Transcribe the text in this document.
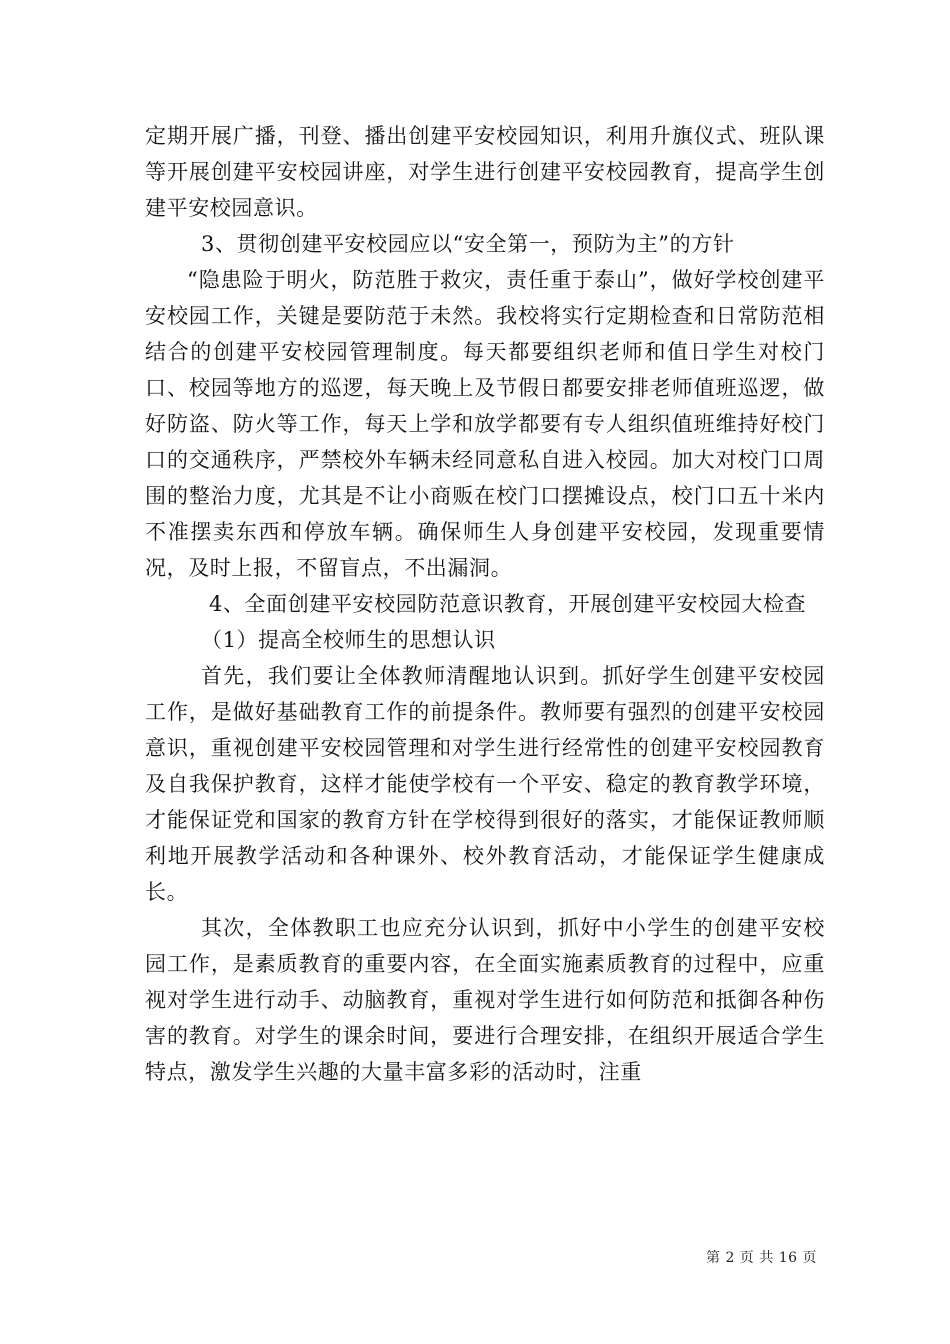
定期开展广播，刊登、播出创建平安校园知识，利用升旗仪式、班队课等开展创建平安校园讲座，对学生进行创建平安校园教育，提高学生创建平安校园意识。

3、贯彻创建平安校园应以“安全第一，预防为主”的方针

“隐患险于明火，防范胜于救灾，责任重于泰山”，做好学校创建平安校园工作，关键是要防范于未然。我校将实行定期检查和日常防范相结合的创建平安校园管理制度。每天都要组织老师和值日学生对校门口、校园等地方的巡逻，每天晚上及节假日都要安排老师值班巡逻，做好防盗、防火等工作，每天上学和放学都要有专人组织值班维持好校门口的交通秩序，严禁校外车辆未经同意私自进入校园。加大对校门口周围的整治力度，尤其是不让小商贩在校门口摆摊设点，校门口五十米内不准摆卖东西和停放车辆。确保师生人身创建平安校园，发现重要情况，及时上报，不留盲点，不出漏洞。

4、全面创建平安校园防范意识教育，开展创建平安校园大检查

（1）提高全校师生的思想认识

首先，我们要让全体教师清醒地认识到。抓好学生创建平安校园工作，是做好基础教育工作的前提条件。教师要有强烈的创建平安校园意识，重视创建平安校园管理和对学生进行经常性的创建平安校园教育及自我保护教育，这样才能使学校有一个平安、稳定的教育教学环境，才能保证党和国家的教育方针在学校得到很好的落实，才能保证教师顺利地开展教学活动和各种课外、校外教育活动，才能保证学生健康成长。

其次，全体教职工也应充分认识到，抓好中小学生的创建平安校园工作，是素质教育的重要内容，在全面实施素质教育的过程中，应重视对学生进行动手、动脑教育，重视对学生进行如何防范和抵御各种伤害的教育。对学生的课余时间，要进行合理安排，在组织开展适合学生特点，激发学生兴趣的大量丰富多彩的活动时，注重

第 2 页 共 16 页
